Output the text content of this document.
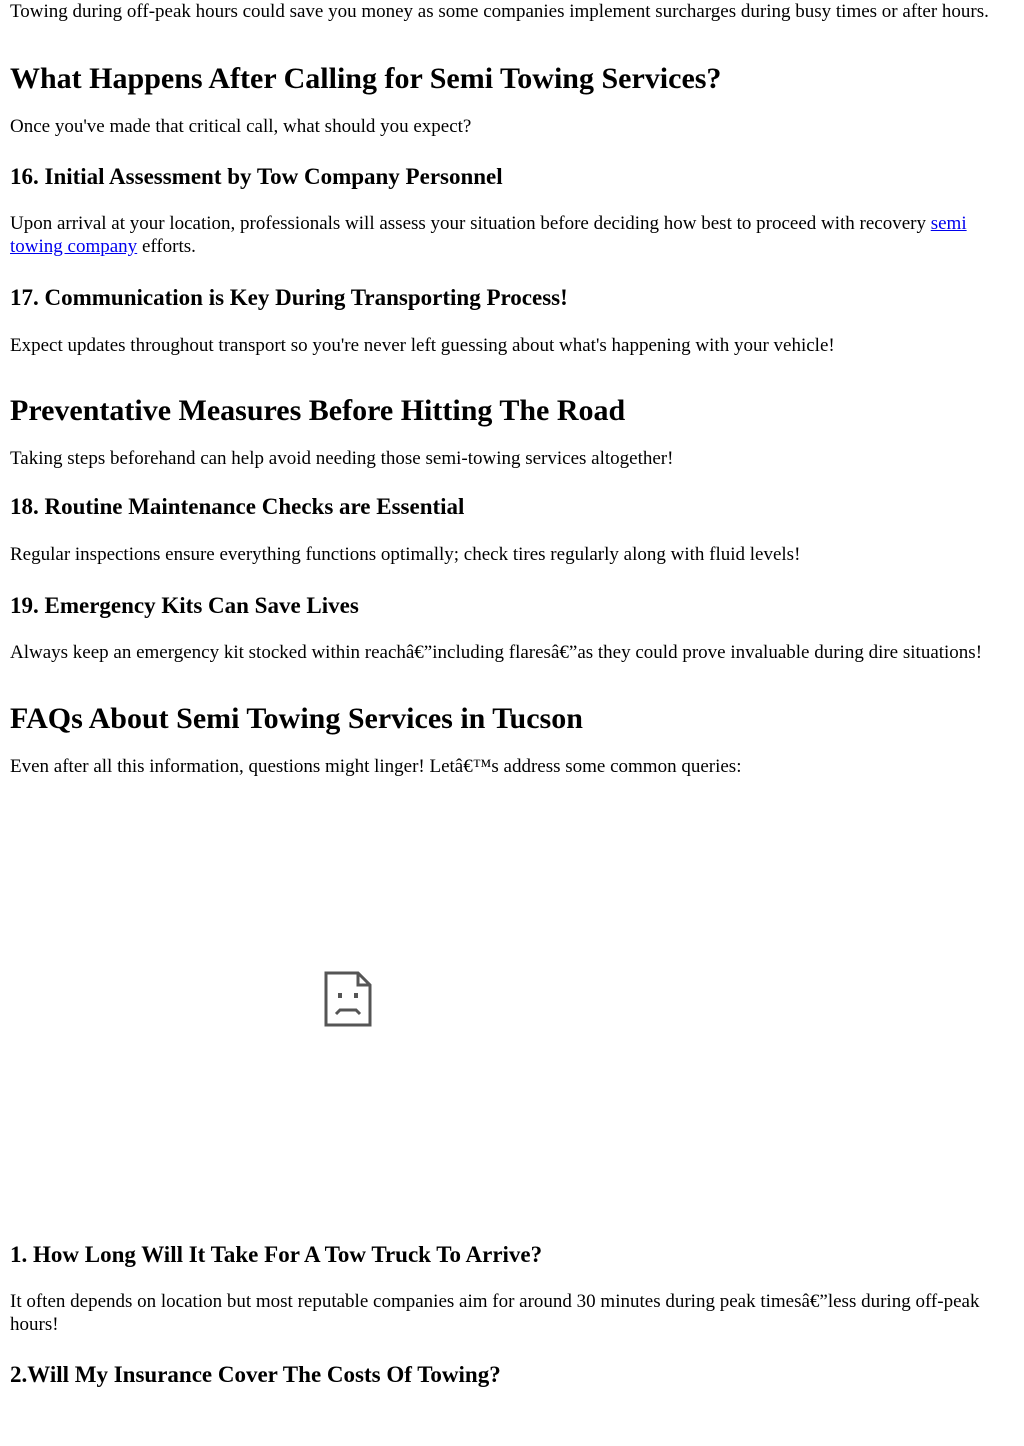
Towing during off-peak hours could save you money as some companies implement surcharges during busy times or after hours.

What Happens After Calling for Semi Towing Services?

Once you've made that critical call, what should you expect?

16. Initial Assessment by Tow Company Personnel

Upon arrival at your location, professionals will assess your situation before deciding how best to proceed with recovery semi towing company efforts.

17. Communication is Key During Transporting Process!

Expect updates throughout transport so you're never left guessing about what's happening with your vehicle!

Preventative Measures Before Hitting The Road

Taking steps beforehand can help avoid needing those semi-towing services altogether!

18. Routine Maintenance Checks are Essential

Regular inspections ensure everything functions optimally; check tires regularly along with fluid levels!

19. Emergency Kits Can Save Lives

Always keep an emergency kit stocked within reachâ€”including flaresâ€”as they could prove invaluable during dire situations!

FAQs About Semi Towing Services in Tucson

Even after all this information, questions might linger! Letâ€™s address some common queries:

1. How Long Will It Take For A Tow Truck To Arrive?

It often depends on location but most reputable companies aim for around 30 minutes during peak timesâ€”less during off-peak hours!

2.Will My Insurance Cover The Costs Of Towing?
